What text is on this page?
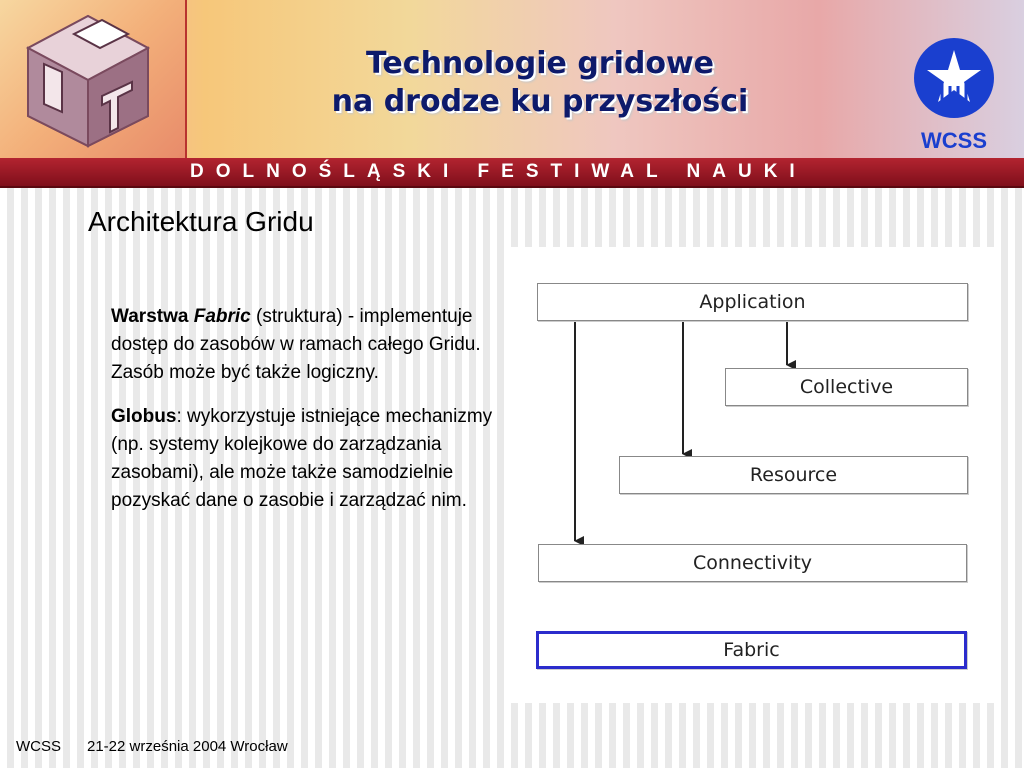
Technologie gridowe
na drodze ku przyszłości
WCSS
DOLNOŚLĄSKI FESTIWAL NAUKI
Architektura Gridu

Warstwa Fabric (struktura) - implementuje dostęp do zasobów w ramach całego Gridu. Zasób może być także logiczny.

Globus: wykorzystuje istniejące mechanizmy (np. systemy kolejkowe do zarządzania zasobami), ale może także samodzielnie pozyskać dane o zasobie i zarządzać nim.

Application
Collective
Resource
Connectivity
Fabric
WCSS 21-22 września 2004 Wrocław
